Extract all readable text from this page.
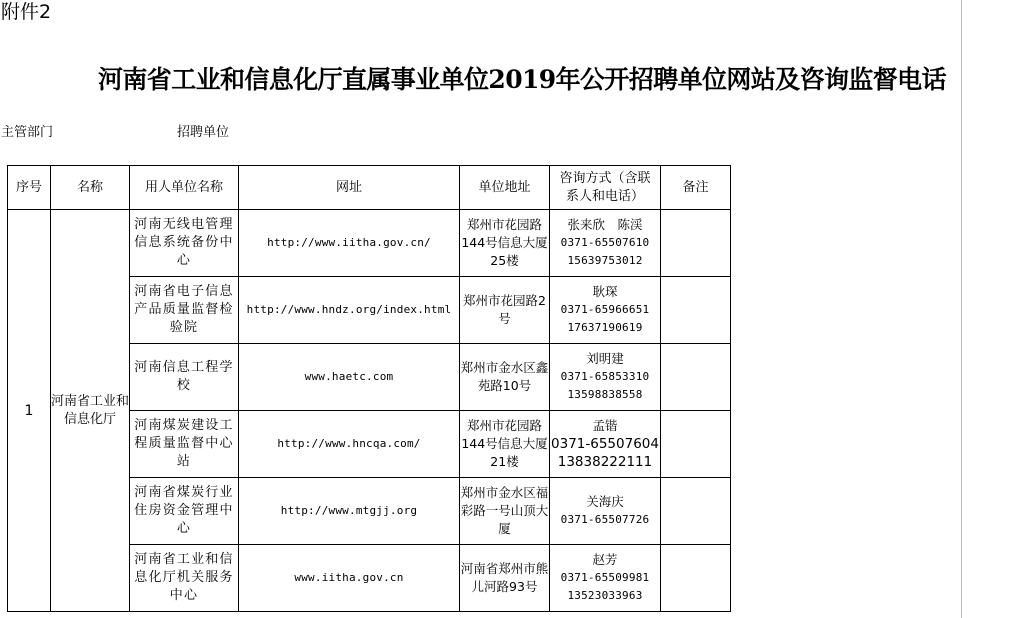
附件2
河南省工业和信息化厅直属事业单位2019年公开招聘单位网站及咨询监督电话
主管部门	招聘单位
序号	名称	用人单位名称	网址	单位地址	咨询方式（含联系人和电话）	备注
1	河南省工业和信息化厅	河南无线电管理信息系统备份中心	http://www.iitha.gov.cn/	郑州市花园路144号信息大厦25楼	张来欣　陈渓
0371-65507610
15639753012	

		河南省电子信息产品质量监督检验院	http://www.hndz.org/index.html	郑州市花园路2号	耿琛
0371-65966651
17637190619	

		河南信息工程学校	www.haetc.com	郑州市金水区鑫苑路10号	刘明建
0371-65853310
13598838558	

		河南煤炭建设工程质量监督中心站	http://www.hncqa.com/	郑州市花园路144号信息大厦21楼	孟锴
0371-65507604
13838222111	

		河南省煤炭行业住房资金管理中心	http://www.mtgjj.org	郑州市金水区福彩路一号山顶大厦	关海庆
0371-65507726	

		河南省工业和信息化厅机关服务中心	www.iitha.gov.cn	河南省郑州市熊儿河路93号	赵芳
0371-65509981
13523033963	
